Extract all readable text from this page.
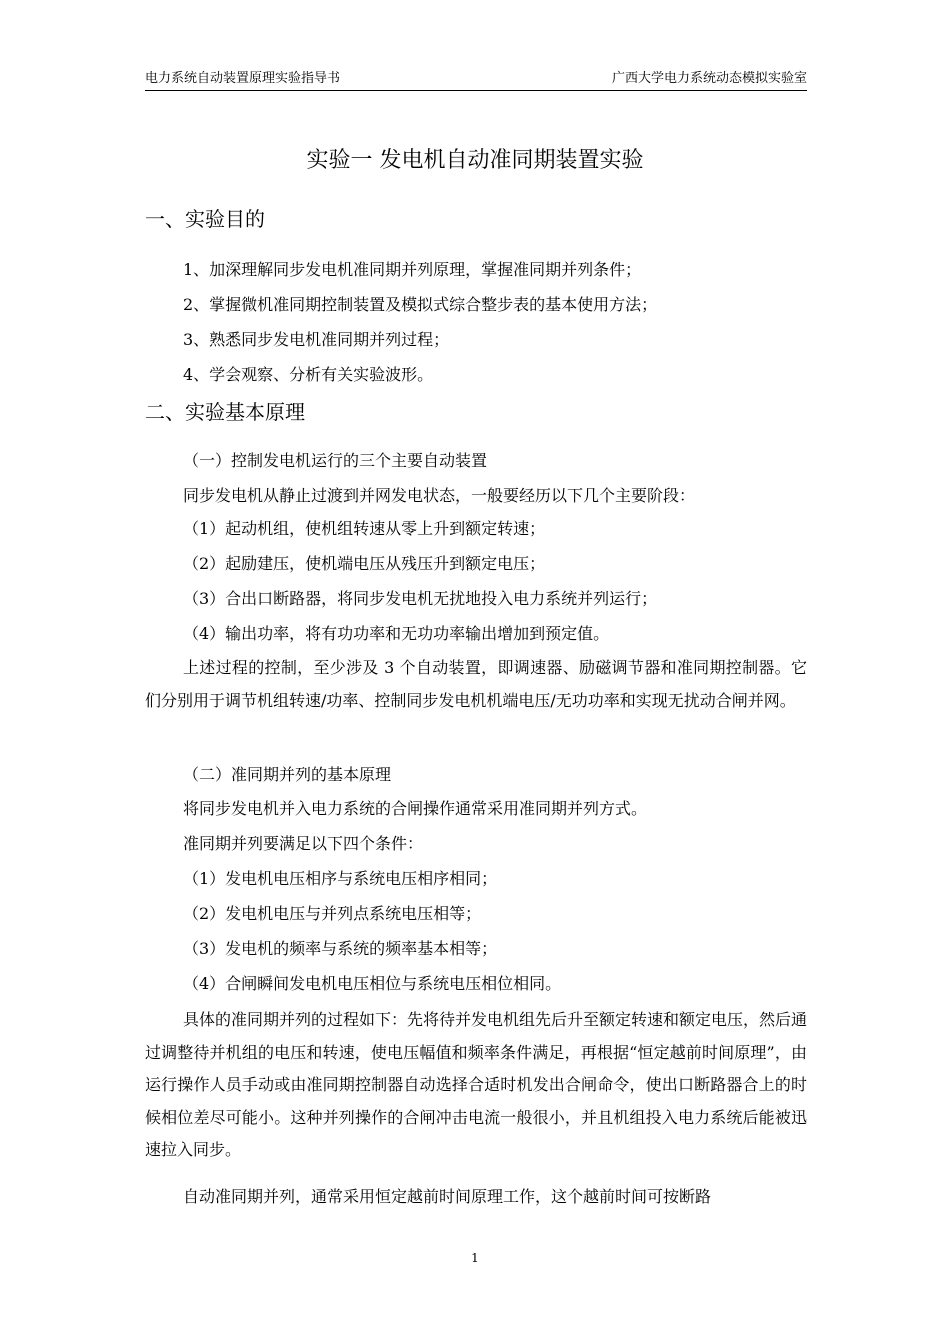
电力系统自动装置原理实验指导书	广西大学电力系统动态模拟实验室
实验一 发电机自动准同期装置实验
一、实验目的
1、加深理解同步发电机准同期并列原理，掌握准同期并列条件；
2、掌握微机准同期控制装置及模拟式综合整步表的基本使用方法；
3、熟悉同步发电机准同期并列过程；
4、学会观察、分析有关实验波形。
二、实验基本原理
（一）控制发电机运行的三个主要自动装置
同步发电机从静止过渡到并网发电状态，一般要经历以下几个主要阶段：
（1）起动机组，使机组转速从零上升到额定转速；
（2）起励建压，使机端电压从残压升到额定电压；
（3）合出口断路器，将同步发电机无扰地投入电力系统并列运行；
（4）输出功率，将有功功率和无功功率输出增加到预定值。
上述过程的控制，至少涉及 3 个自动装置，即调速器、励磁调节器和准同期控制器。它们分别用于调节机组转速/功率、控制同步发电机机端电压/无功功率和实现无扰动合闸并网。
（二）准同期并列的基本原理
将同步发电机并入电力系统的合闸操作通常采用准同期并列方式。
准同期并列要满足以下四个条件：
（1）发电机电压相序与系统电压相序相同；
（2）发电机电压与并列点系统电压相等；
（3）发电机的频率与系统的频率基本相等；
（4）合闸瞬间发电机电压相位与系统电压相位相同。
具体的准同期并列的过程如下：先将待并发电机组先后升至额定转速和额定电压，然后通过调整待并机组的电压和转速，使电压幅值和频率条件满足，再根据“恒定越前时间原理”，由运行操作人员手动或由准同期控制器自动选择合适时机发出合闸命令，使出口断路器合上的时候相位差尽可能小。这种并列操作的合闸冲击电流一般很小，并且机组投入电力系统后能被迅速拉入同步。
自动准同期并列，通常采用恒定越前时间原理工作，这个越前时间可按断路
1
